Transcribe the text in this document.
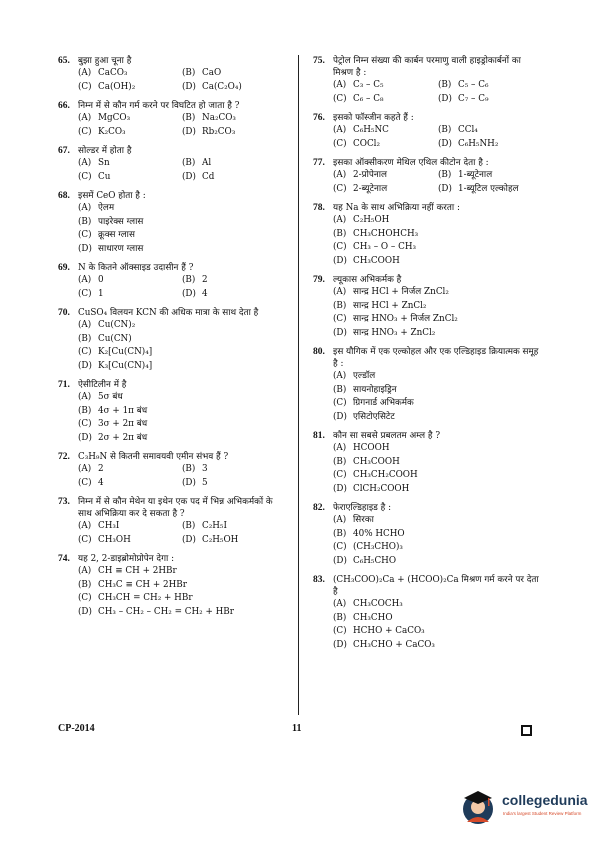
65. बुझा हुआ चूना है
(A) CaCO₃	(B) CaO
(C) Ca(OH)₂	(D) Ca(C₂O₄)
66. निम्न में से कौन गर्म करने पर विघटित हो जाता है ?
(A) MgCO₃	(B) Na₂CO₃
(C) K₂CO₃	(D) Rb₂CO₃
67. सोल्डर में होता है
(A) Sn	(B) Al
(C) Cu	(D) Cd
68. इसमें CeO होता है :
(A) ऐलम
(B) पाइरेक्स ग्लास
(C) क्रूक्स ग्लास
(D) साधारण ग्लास
69. N के कितने ऑक्साइड उदासीन हैं ?
(A) 0	(B) 2
(C) 1	(D) 4
70. CuSO₄ विलयन KCN की अधिक मात्रा के साथ देता है
(A) Cu(CN)₂
(B) Cu(CN)
(C) K₂[Cu(CN)₄]
(D) K₃[Cu(CN)₄]
71. ऐसीटिलीन में है
(A) 5σ बंध
(B) 4σ + 1π बंध
(C) 3σ + 2π बंध
(D) 2σ + 2π बंध
72. C₃H₉N से कितनी समावयवी एमीन संभव हैं ?
(A) 2	(B) 3
(C) 4	(D) 5
73. निम्न में से कौन मेथेन या इथेन एक पद में भिन्न अभिकर्मकों के साथ अभिक्रिया कर दे सकता है ?
(A) CH₃I	(B) C₂H₅I
(C) CH₃OH	(D) C₂H₅OH
74. यह 2, 2-डाइब्रोमोप्रोपेन देगा :
(A) CH ≡ CH + 2HBr
(B) CH₃C ≡ CH + 2HBr
(C) CH₃CH = CH₂ + HBr
(D) CH₃ – CH₂ – CH₂ = CH₂ + HBr
75. पेट्रोल निम्न संख्या की कार्बन परमाणु वाली हाइड्रोकार्बनों का मिश्रण है :
(A) C₃ – C₅	(B) C₅ – C₆
(C) C₆ – C₈	(D) C₇ – C₉
76. इसको फॉस्जीन कहते हैं :
(A) C₆H₅NC	(B) CCl₄
(C) COCl₂	(D) C₆H₅NH₂
77. इसका ऑक्सीकरण मेथिल एथिल कीटोन देता है :
(A) 2-प्रोपेनाल	(B) 1-ब्यूटेनाल
(C) 2-ब्यूटेनाल	(D) 1-ब्यूटिल एल्कोहल
78. यह Na के साथ अभिक्रिया नहीं करता :
(A) C₂H₅OH
(B) CH₃CHOHCH₃
(C) CH₃ – O – CH₃
(D) CH₃COOH
79. ल्यूकास अभिकर्मक है
(A) सान्द्र HCl + निर्जल ZnCl₂
(B) सान्द्र HCl + ZnCl₂
(C) सान्द्र HNO₃ + निर्जल ZnCl₂
(D) सान्द्र HNO₃ + ZnCl₂
80. इस यौगिक में एक एल्कोहल और एक एल्डिहाइड क्रियात्मक समूह है :
(A) एल्डॉल
(B) सायनोहाइड्रिन
(C) ग्रिगनार्ड अभिकर्मक
(D) एसिटोएसिटेट
81. कौन सा सबसे प्रबलतम अम्ल है ?
(A) HCOOH
(B) CH₃COOH
(C) CH₃CH₂COOH
(D) ClCH₂COOH
82. फेराएल्डिहाइड है :
(A) सिरका
(B) 40% HCHO
(C) (CH₃CHO)₃
(D) C₆H₅CHO
83. (CH₃COO)₂Ca + (HCOO)₂Ca मिश्रण गर्म करने पर देता है
(A) CH₃COCH₃
(B) CH₃CHO
(C) HCHO + CaCO₃
(D) CH₃CHO + CaCO₃
CP-2014	11
collegedunia
India's largest Student Review Platform
